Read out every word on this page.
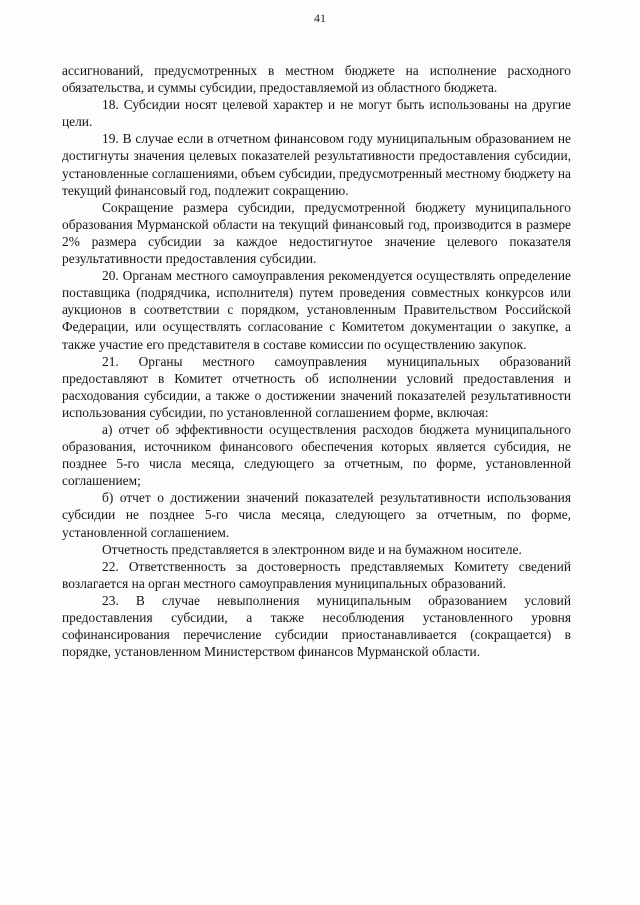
41

ассигнований, предусмотренных в местном бюджете на исполнение расходного обязательства, и суммы субсидии, предоставляемой из областного бюджета.

18. Субсидии носят целевой характер и не могут быть использованы на другие цели.

19. В случае если в отчетном финансовом году муниципальным образованием не достигнуты значения целевых показателей результативности предоставления субсидии, установленные соглашениями, объем субсидии, предусмотренный местному бюджету на текущий финансовый год, подлежит сокращению.

Сокращение размера субсидии, предусмотренной бюджету муниципального образования Мурманской области на текущий финансовый год, производится в размере 2% размера субсидии за каждое недостигнутое значение целевого показателя результативности предоставления субсидии.

20. Органам местного самоуправления рекомендуется осуществлять определение поставщика (подрядчика, исполнителя) путем проведения совместных конкурсов или аукционов в соответствии с порядком, установленным Правительством Российской Федерации, или осуществлять согласование с Комитетом документации о закупке, а также участие его представителя в составе комиссии по осуществлению закупок.

21. Органы местного самоуправления муниципальных образований предоставляют в Комитет отчетность об исполнении условий предоставления и расходования субсидии, а также о достижении значений показателей результативности использования субсидии, по установленной соглашением форме, включая:

а) отчет об эффективности осуществления расходов бюджета муниципального образования, источником финансового обеспечения которых является субсидия, не позднее 5-го числа месяца, следующего за отчетным, по форме, установленной соглашением;

б) отчет о достижении значений показателей результативности использования субсидии не позднее 5-го числа месяца, следующего за отчетным, по форме, установленной соглашением.

Отчетность представляется в электронном виде и на бумажном носителе.

22. Ответственность за достоверность представляемых Комитету сведений возлагается на орган местного самоуправления муниципальных образований.

23. В случае невыполнения муниципальным образованием условий предоставления субсидии, а также несоблюдения установленного уровня софинансирования перечисление субсидии приостанавливается (сокращается) в порядке, установленном Министерством финансов Мурманской области.
